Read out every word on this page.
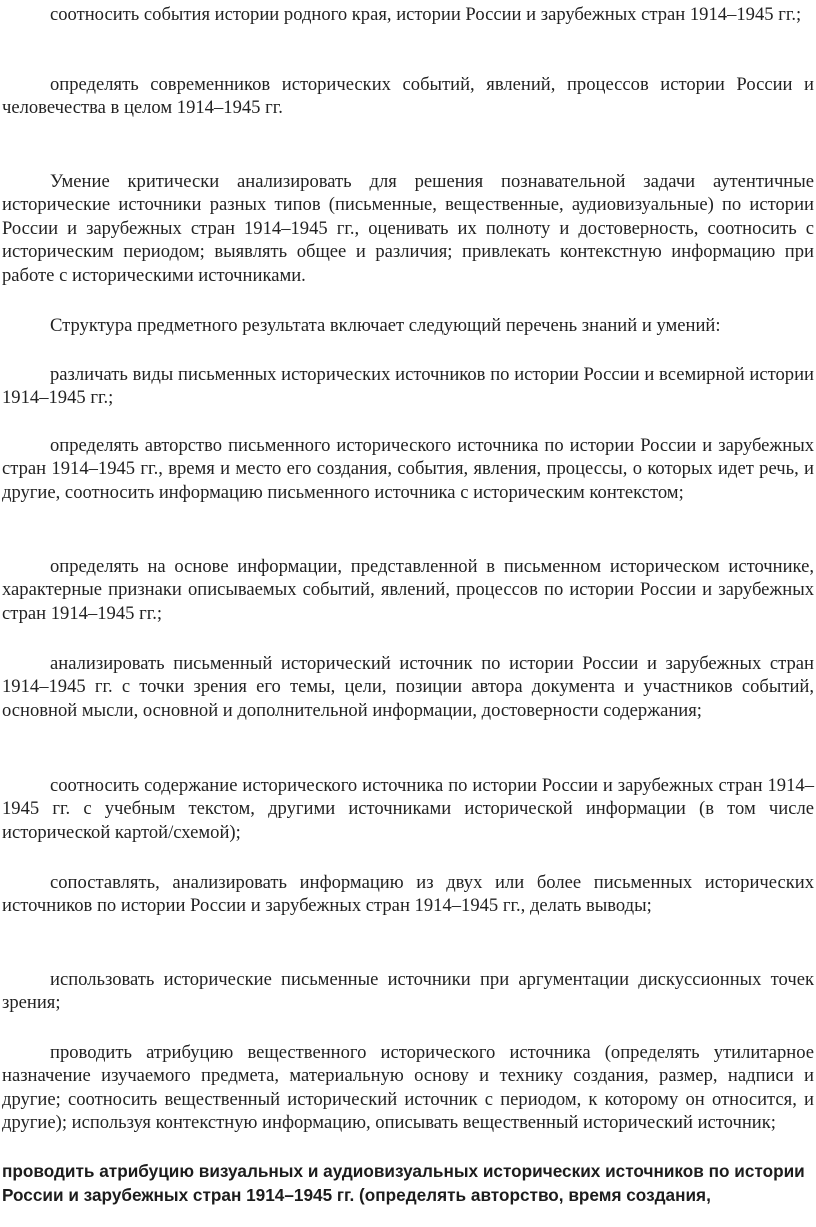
соотносить события истории родного края, истории России и зарубежных стран 1914–1945 гг.;

определять современников исторических событий, явлений, процессов истории России и человечества в целом 1914–1945 гг.

Умение критически анализировать для решения познавательной задачи аутентичные исторические источники разных типов (письменные, вещественные, аудиовизуальные) по истории России и зарубежных стран 1914–1945 гг., оценивать их полноту и достоверность, соотносить с историческим периодом; выявлять общее и различия; привлекать контекстную информацию при работе с историческими источниками.

Структура предметного результата включает следующий перечень знаний и умений:

различать виды письменных исторических источников по истории России и всемирной истории 1914–1945 гг.;

определять авторство письменного исторического источника по истории России и зарубежных стран 1914–1945 гг., время и место его создания, события, явления, процессы, о которых идет речь, и другие, соотносить информацию письменного источника с историческим контекстом;

определять на основе информации, представленной в письменном историческом источнике, характерные признаки описываемых событий, явлений, процессов по истории России и зарубежных стран 1914–1945 гг.;

анализировать письменный исторический источник по истории России и зарубежных стран 1914–1945 гг. с точки зрения его темы, цели, позиции автора документа и участников событий, основной мысли, основной и дополнительной информации, достоверности содержания;

соотносить содержание исторического источника по истории России и зарубежных стран 1914–1945 гг. с учебным текстом, другими источниками исторической информации (в том числе исторической картой/схемой);

сопоставлять, анализировать информацию из двух или более письменных исторических источников по истории России и зарубежных стран 1914–1945 гг., делать выводы;

использовать исторические письменные источники при аргументации дискуссионных точек зрения;

проводить атрибуцию вещественного исторического источника (определять утилитарное назначение изучаемого предмета, материальную основу и технику создания, размер, надписи и другие; соотносить вещественный исторический источник с периодом, к которому он относится, и другие); используя контекстную информацию, описывать вещественный исторический источник;

проводить атрибуцию визуальных и аудиовизуальных исторических источников по истории России и зарубежных стран 1914–1945 гг. (определять авторство, время создания,
